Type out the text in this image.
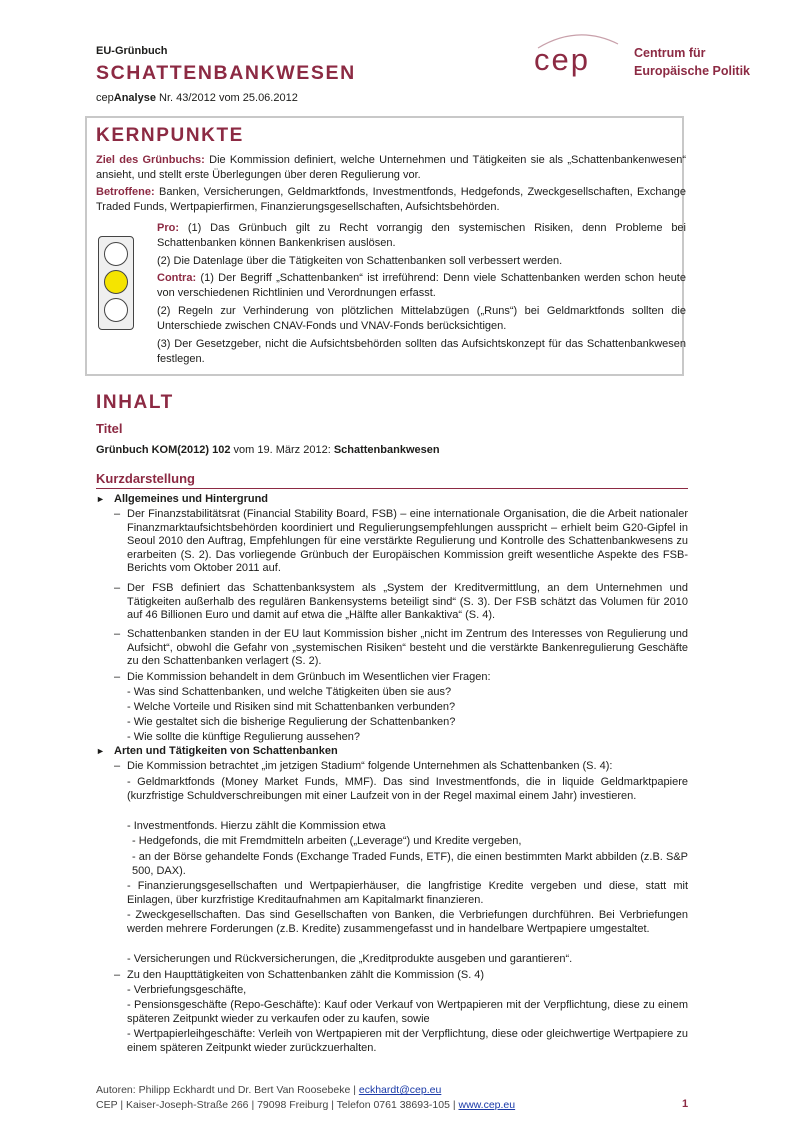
EU-Grünbuch
SCHATTENBANKWESEN
cepAnalyse Nr. 43/2012 vom 25.06.2012
cep	Centrum für
Europäische Politik
KERNPUNKTE
Ziel des Grünbuchs: Die Kommission definiert, welche Unternehmen und Tätigkeiten sie als „Schattenbankenwesen“ ansieht, und stellt erste Überlegungen über deren Regulierung vor.
Betroffene: Banken, Versicherungen, Geldmarktfonds, Investmentfonds, Hedgefonds, Zweckgesellschaften, Exchange Traded Funds, Wertpapierfirmen, Finanzierungsgesellschaften, Aufsichtsbehörden.
Pro: (1) Das Grünbuch gilt zu Recht vorrangig den systemischen Risiken, denn Probleme bei Schattenbanken können Bankenkrisen auslösen.
(2) Die Datenlage über die Tätigkeiten von Schattenbanken soll verbessert werden.
Contra: (1) Der Begriff „Schattenbanken“ ist irreführend: Denn viele Schattenbanken werden schon heute von verschiedenen Richtlinien und Verordnungen erfasst.
(2) Regeln zur Verhinderung von plötzlichen Mittelabzügen („Runs“) bei Geldmarktfonds sollten die Unterschiede zwischen CNAV-Fonds und VNAV-Fonds berücksichtigen.
(3) Der Gesetzgeber, nicht die Aufsichtsbehörden sollten das Aufsichtskonzept für das Schattenbankwesen festlegen.
INHALT
Titel
Grünbuch KOM(2012) 102 vom 19. März 2012: Schattenbankwesen
Kurzdarstellung
► Allgemeines und Hintergrund
– Der Finanzstabilitätsrat (Financial Stability Board, FSB) – eine internationale Organisation, die die Arbeit nationaler Finanzmarktaufsichtsbehörden koordiniert und Regulierungsempfehlungen ausspricht – erhielt beim G20-Gipfel in Seoul 2010 den Auftrag, Empfehlungen für eine verstärkte Regulierung und Kontrolle des Schattenbankwesens zu erarbeiten (S. 2). Das vorliegende Grünbuch der Europäischen Kommission greift wesentliche Aspekte des FSB-Berichts vom Oktober 2011 auf.
– Der FSB definiert das Schattenbanksystem als „System der Kreditvermittlung, an dem Unternehmen und Tätigkeiten außerhalb des regulären Bankensystems beteiligt sind“ (S. 3). Der FSB schätzt das Volumen für 2010 auf 46 Billionen Euro und damit auf etwa die „Hälfte aller Bankaktiva“ (S. 4).
– Schattenbanken standen in der EU laut Kommission bisher „nicht im Zentrum des Interesses von Regulierung und Aufsicht“, obwohl die Gefahr von „systemischen Risiken“ besteht und die verstärkte Bankenregulierung Geschäfte zu den Schattenbanken verlagert (S. 2).
– Die Kommission behandelt in dem Grünbuch im Wesentlichen vier Fragen:
- Was sind Schattenbanken, und welche Tätigkeiten üben sie aus?
- Welche Vorteile und Risiken sind mit Schattenbanken verbunden?
- Wie gestaltet sich die bisherige Regulierung der Schattenbanken?
- Wie sollte die künftige Regulierung aussehen?
► Arten und Tätigkeiten von Schattenbanken
– Die Kommission betrachtet „im jetzigen Stadium“ folgende Unternehmen als Schattenbanken (S. 4):
- Geldmarktfonds (Money Market Funds, MMF). Das sind Investmentfonds, die in liquide Geldmarktpapiere (kurzfristige Schuldverschreibungen mit einer Laufzeit von in der Regel maximal einem Jahr) investieren.
- Investmentfonds. Hierzu zählt die Kommission etwa
- Hedgefonds, die mit Fremdmitteln arbeiten („Leverage“) und Kredite vergeben,
- an der Börse gehandelte Fonds (Exchange Traded Funds, ETF), die einen bestimmten Markt abbilden (z.B. S&P 500, DAX).
- Finanzierungsgesellschaften und Wertpapierhäuser, die langfristige Kredite vergeben und diese, statt mit Einlagen, über kurzfristige Kreditaufnahmen am Kapitalmarkt finanzieren.
- Zweckgesellschaften. Das sind Gesellschaften von Banken, die Verbriefungen durchführen. Bei Verbriefungen werden mehrere Forderungen (z.B. Kredite) zusammengefasst und in handelbare Wertpapiere umgestaltet.
- Versicherungen und Rückversicherungen, die „Kreditprodukte ausgeben und garantieren“.
– Zu den Haupttätigkeiten von Schattenbanken zählt die Kommission (S. 4)
- Verbriefungsgeschäfte,
- Pensionsgeschäfte (Repo-Geschäfte): Kauf oder Verkauf von Wertpapieren mit der Verpflichtung, diese zu einem späteren Zeitpunkt wieder zu verkaufen oder zu kaufen, sowie
- Wertpapierleihgeschäfte: Verleih von Wertpapieren mit der Verpflichtung, diese oder gleichwertige Wertpapiere zu einem späteren Zeitpunkt wieder zurückzuerhalten.
Autoren: Philipp Eckhardt und Dr. Bert Van Roosebeke | eckhardt@cep.eu
CEP | Kaiser-Joseph-Straße 266 | 79098 Freiburg | Telefon 0761 38693-105 | www.cep.eu	1
